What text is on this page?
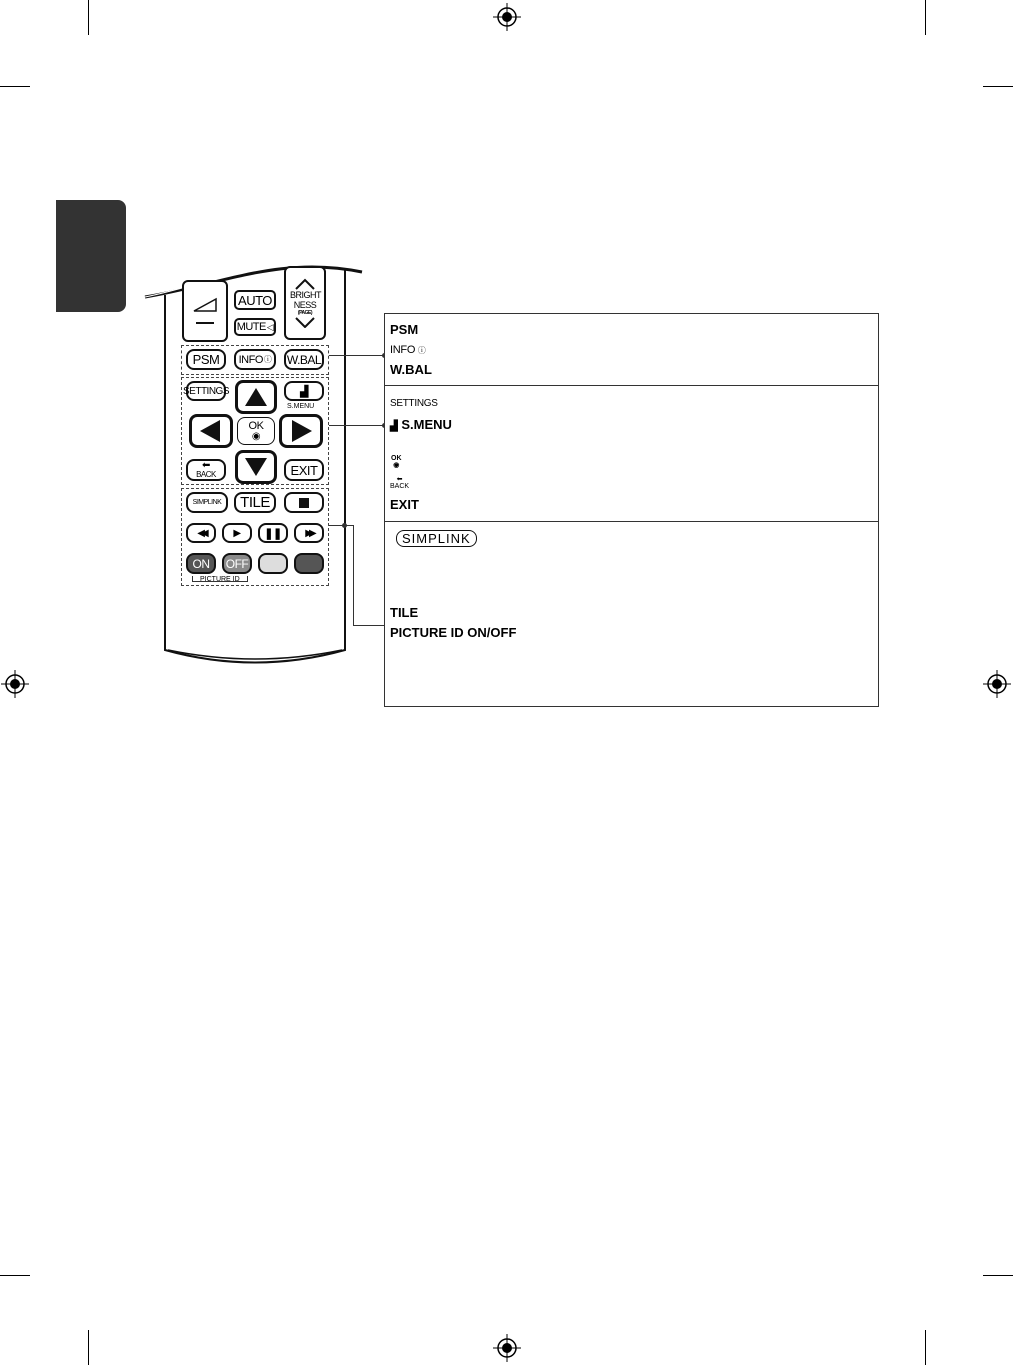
AUTO
MUTE ◁
BRIGHT NESS
(PAGE)
PSM	INFO ⓘ W.BAL
SETTINGS	▟
S.MENU
OK
◉
⬅
BACK	EXIT
SIMPLINK	TILE
◀◀	▶ ❚❚ ▶▶
ON	OFF
PICTURE ID
PSM
INFO ⓘ
W.BAL
SETTINGS
▟ S.MENU
OK
◉
⬅
BACK
EXIT
SIMPLINK
TILE
PICTURE ID ON/OFF
